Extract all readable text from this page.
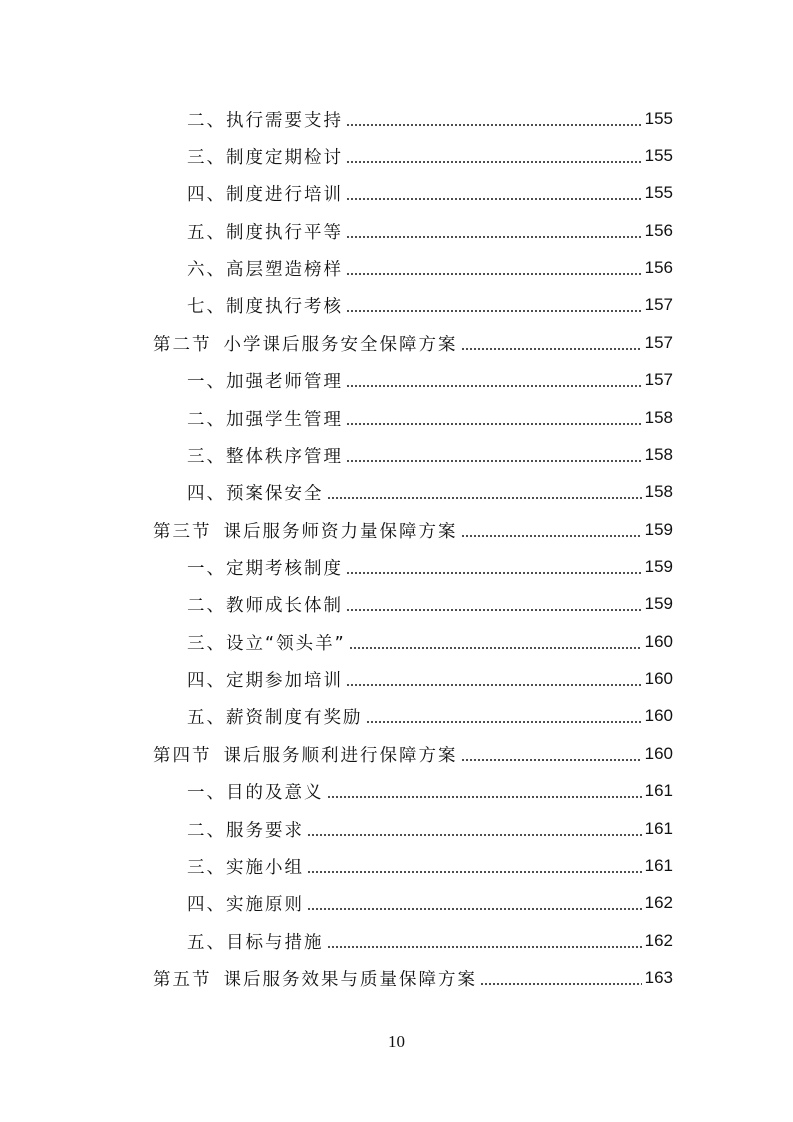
二、执行需要支持	155
三、制度定期检讨	155
四、制度进行培训	155
五、制度执行平等	156
六、高层塑造榜样	156
七、制度执行考核	157
第二节 小学课后服务安全保障方案	157
一、加强老师管理	157
二、加强学生管理	158
三、整体秩序管理	158
四、预案保安全	158
第三节 课后服务师资力量保障方案	159
一、定期考核制度	159
二、教师成长体制	159
三、设立“领头羊”	160
四、定期参加培训	160
五、薪资制度有奖励	160
第四节 课后服务顺利进行保障方案	160
一、目的及意义	161
二、服务要求	161
三、实施小组	161
四、实施原则	162
五、目标与措施	162
第五节 课后服务效果与质量保障方案	163
10
